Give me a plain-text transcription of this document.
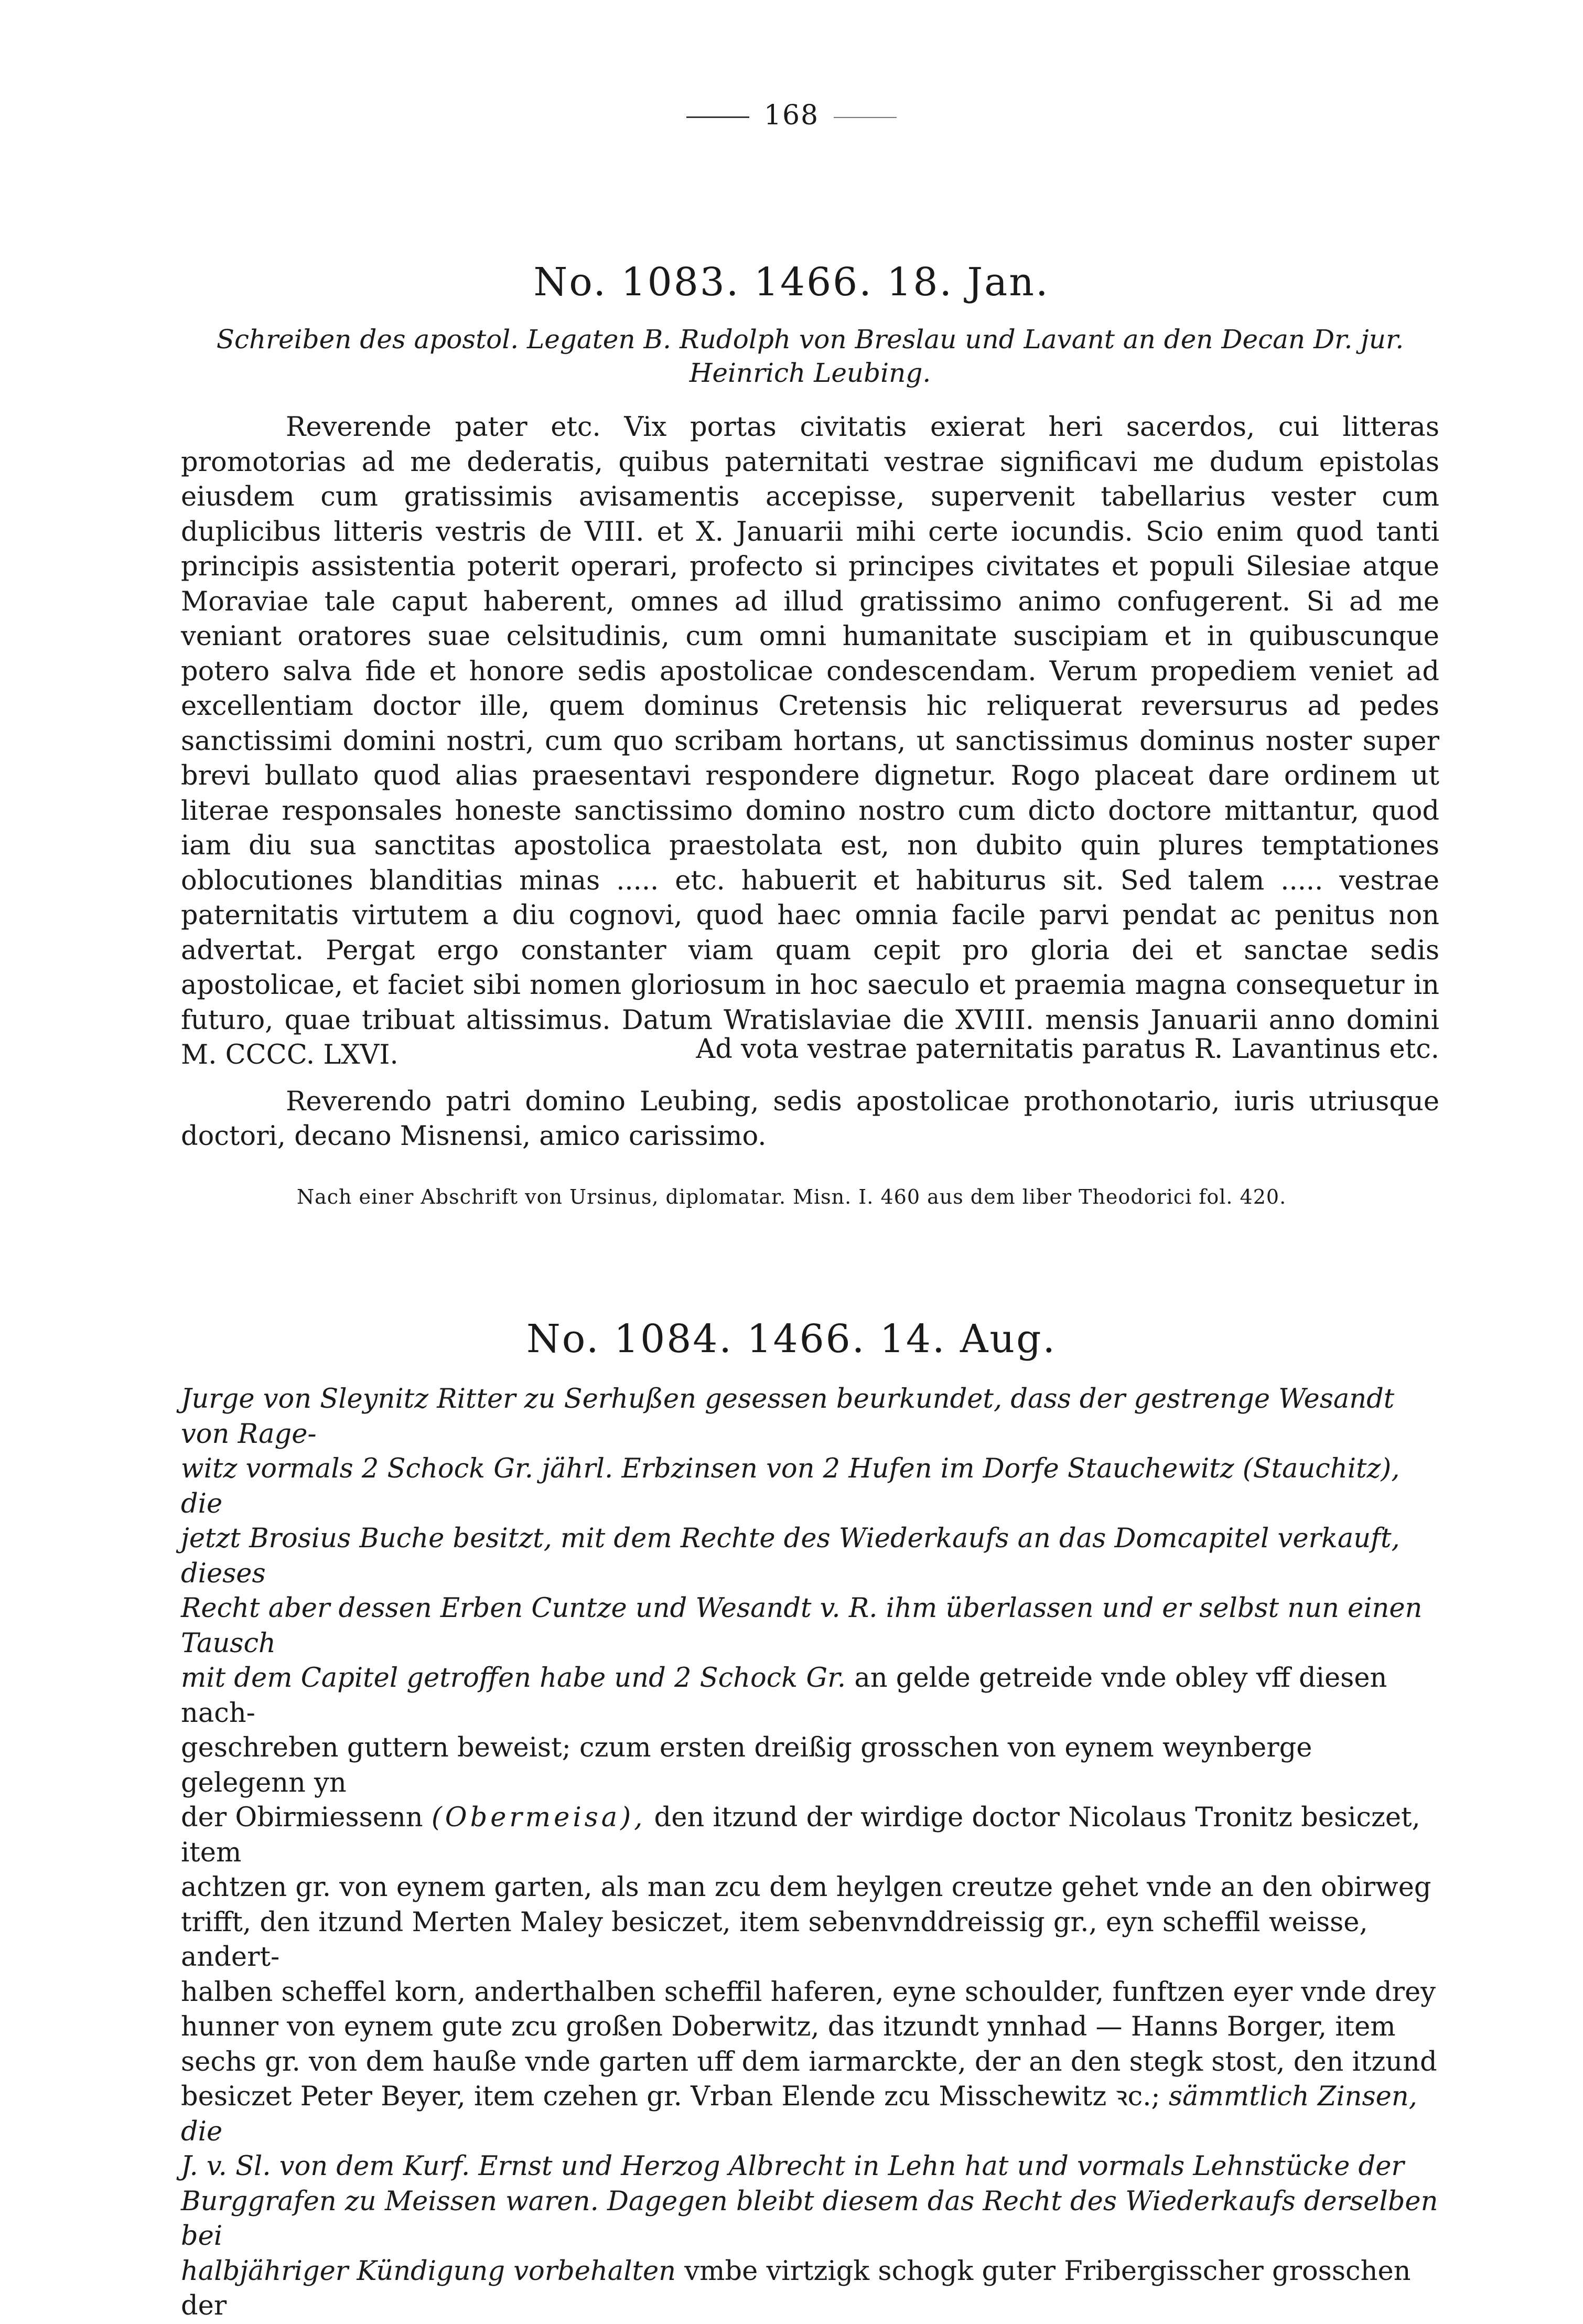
168
No. 1083. 1466. 18. Jan.
Schreiben des apostol. Legaten B. Rudolph von Breslau und Lavant an den Decan Dr. jur. Heinrich Leubing.

Reverende pater etc. Vix portas civitatis exierat heri sacerdos, cui litteras promotorias ad me dederatis, quibus paternitati vestrae significavi me dudum epistolas eiusdem cum gratissimis avisamentis accepisse, supervenit tabellarius vester cum duplicibus litteris vestris de VIII. et X. Januarii mihi certe iocundis. Scio enim quod tanti principis assistentia poterit operari, profecto si principes civitates et populi Silesiae atque Moraviae tale caput haberent, omnes ad illud gratissimo animo confugerent. Si ad me veniant oratores suae celsitudinis, cum omni humanitate suscipiam et in quibuscunque potero salva fide et honore sedis apostolicae condescendam. Verum propediem veniet ad excellentiam doctor ille, quem dominus Cretensis hic reliquerat reversurus ad pedes sanctissimi domini nostri, cum quo scribam hortans, ut sanctissimus dominus noster super brevi bullato quod alias praesentavi respondere dignetur. Rogo placeat dare ordinem ut literae responsales honeste sanctissimo domino nostro cum dicto doctore mittantur, quod iam diu sua sanctitas apostolica praestolata est, non dubito quin plures temptationes oblocutiones blanditias minas ..... etc. habuerit et habiturus sit. Sed talem ..... vestrae paternitatis virtutem a diu cognovi, quod haec omnia facile parvi pendat ac penitus non advertat. Pergat ergo constanter viam quam cepit pro gloria dei et sanctae sedis apostolicae, et faciet sibi nomen gloriosum in hoc saeculo et praemia magna consequetur in futuro, quae tribuat altissimus. Datum Wratislaviae die XVIII. mensis Januarii anno domini M. CCCC. LXVI.	Ad vota vestrae paternitatis paratus R. Lavantinus etc.

Reverendo patri domino Leubing, sedis apostolicae prothonotario, iuris utriusque doctori, decano Misnensi, amico carissimo.

Nach einer Abschrift von Ursinus, diplomatar. Misn. I. 460 aus dem liber Theodorici fol. 420.
No. 1084. 1466. 14. Aug.
Jurge von Sleynitz Ritter zu Serhußen gesessen beurkundet, dass der gestrenge Wesandt von Rage-
witz vormals 2 Schock Gr. jährl. Erbzinsen von 2 Hufen im Dorfe Stauchewitz (Stauchitz), die
jetzt Brosius Buche besitzt, mit dem Rechte des Wiederkaufs an das Domcapitel verkauft, dieses
Recht aber dessen Erben Cuntze und Wesandt v. R. ihm überlassen und er selbst nun einen Tausch
mit dem Capitel getroffen habe und 2 Schock Gr. an gelde getreide vnde obley vff diesen nach-
geschreben guttern beweist; czum ersten dreißig grosschen von eynem weynberge gelegenn yn
der Obirmiessenn (Obermeisa), den itzund der wirdige doctor Nicolaus Tronitz besiczet, item
achtzen gr. von eynem garten, als man zcu dem heylgen creutze gehet vnde an den obirweg
trifft, den itzund Merten Maley besiczet, item sebenvnddreissig gr., eyn scheffil weisse, andert-
halben scheffel korn, anderthalben scheffil haferen, eyne schoulder, funftzen eyer vnde drey
hunner von eynem gute zcu großen Doberwitz, das itzundt ynnhad — Hanns Borger, item
sechs gr. von dem hauße vnde garten uff dem iarmarckte, der an den stegk stost, den itzund
besiczet Peter Beyer, item czehen gr. Vrban Elende zcu Misschewitz ꝛc.; sämmtlich Zinsen, die
J. v. Sl. von dem Kurf. Ernst und Herzog Albrecht in Lehn hat und vormals Lehnstücke der
Burggrafen zu Meissen waren. Dagegen bleibt diesem das Recht des Wiederkaufs derselben bei
halbjähriger Kündigung vorbehalten vmbe virtzigk schogk guter Fribergisscher grosschen der
